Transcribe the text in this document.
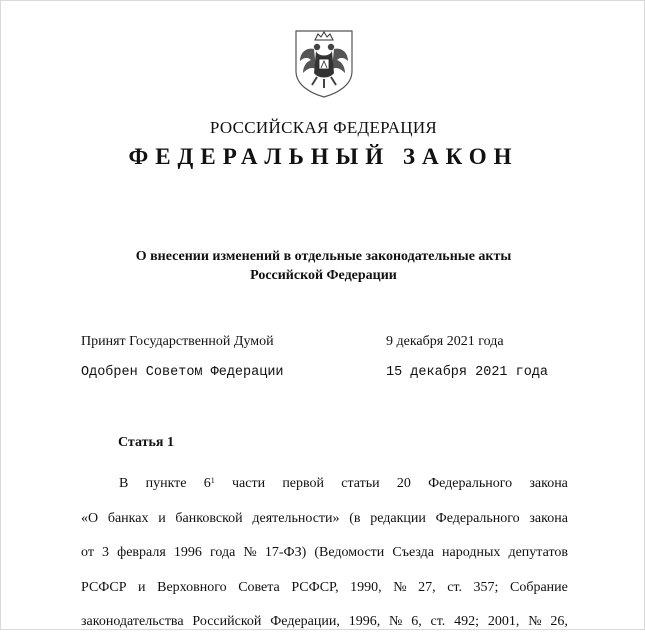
РОССИЙСКАЯ ФЕДЕРАЦИЯ
ФЕДЕРАЛЬНЫЙ ЗАКОН
О внесении изменений в отдельные законодательные акты
Российской Федерации
Принят Государственной Думой	9 декабря 2021 года
Одобрен Советом Федерации	15 декабря 2021 года
Статья 1
В пункте $6^1$ части первой статьи 20 Федерального закона
«О банках и банковской деятельности» (в редакции Федерального закона
от 3 февраля 1996 года № 17-ФЗ) (Ведомости Съезда народных депутатов
РСФСР и Верховного Совета РСФСР, 1990, № 27, ст. 357; Собрание
законодательства Российской Федерации, 1996, № 6, ст. 492; 2001, № 26,
